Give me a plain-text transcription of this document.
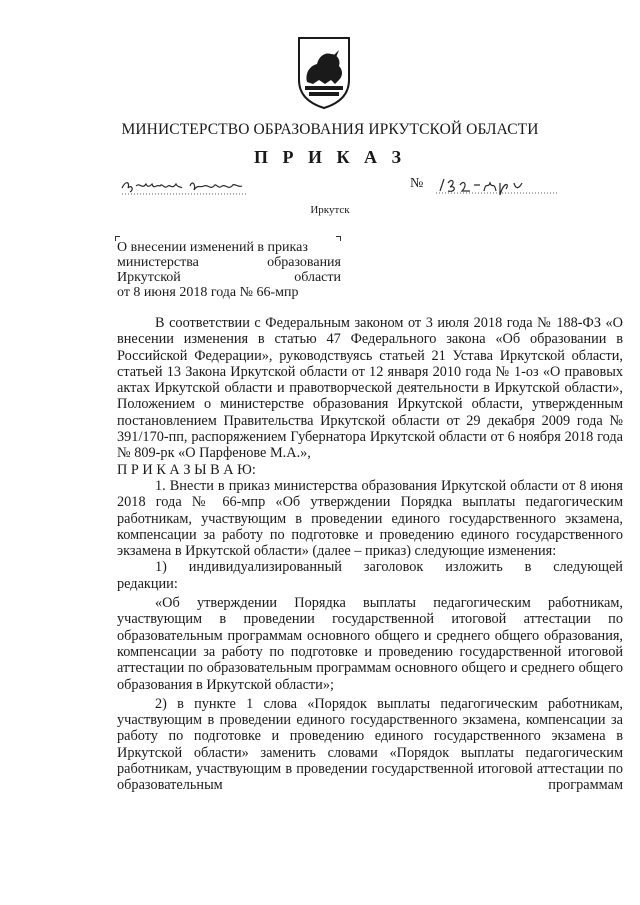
МИНИСТЕРСТВО ОБРАЗОВАНИЯ ИРКУТСКОЙ ОБЛАСТИ
П Р И К А З
№
Иркутск
О внесении изменений в приказ
министерства	образования
Иркутской	области
от 8 июня 2018 года № 66-мпр

В соответствии с Федеральным законом от 3 июля 2018 года № 188-ФЗ «О внесении изменения в статью 47 Федерального закона «Об образовании в Российской Федерации», руководствуясь статьей 21 Устава Иркутской области, статьей 13 Закона Иркутской области от 12 января 2010 года № 1-оз «О правовых актах Иркутской области и правотворческой деятельности в Иркутской области», Положением о министерстве образования Иркутской области, утвержденным постановлением Правительства Иркутской области от 29 декабря 2009 года № 391/170-пп, распоряжением Губернатора Иркутской области от 6 ноября 2018 года № 809-рк «О Парфенове М.А.»,

П Р И К А З Ы В А Ю:

1. Внести в приказ министерства образования Иркутской области от 8 июня 2018 года № 66-мпр «Об утверждении Порядка выплаты педагогическим работникам, участвующим в проведении единого государственного экзамена, компенсации за работу по подготовке и проведению единого государственного экзамена в Иркутской области» (далее – приказ) следующие изменения:

1) индивидуализированный заголовок изложить в следующей

редакции:

«Об утверждении Порядка выплаты педагогическим работникам, участвующим в проведении государственной итоговой аттестации по образовательным программам основного общего и среднего общего образования, компенсации за работу по подготовке и проведению государственной итоговой аттестации по образовательным программам основного общего и среднего общего образования в Иркутской области»;

2) в пункте 1 слова «Порядок выплаты педагогическим работникам, участвующим в проведении единого государственного экзамена, компенсации за работу по подготовке и проведению единого государственного экзамена в Иркутской области» заменить словами «Порядок выплаты педагогическим работникам, участвующим в проведении государственной итоговой аттестации по образовательным программам
